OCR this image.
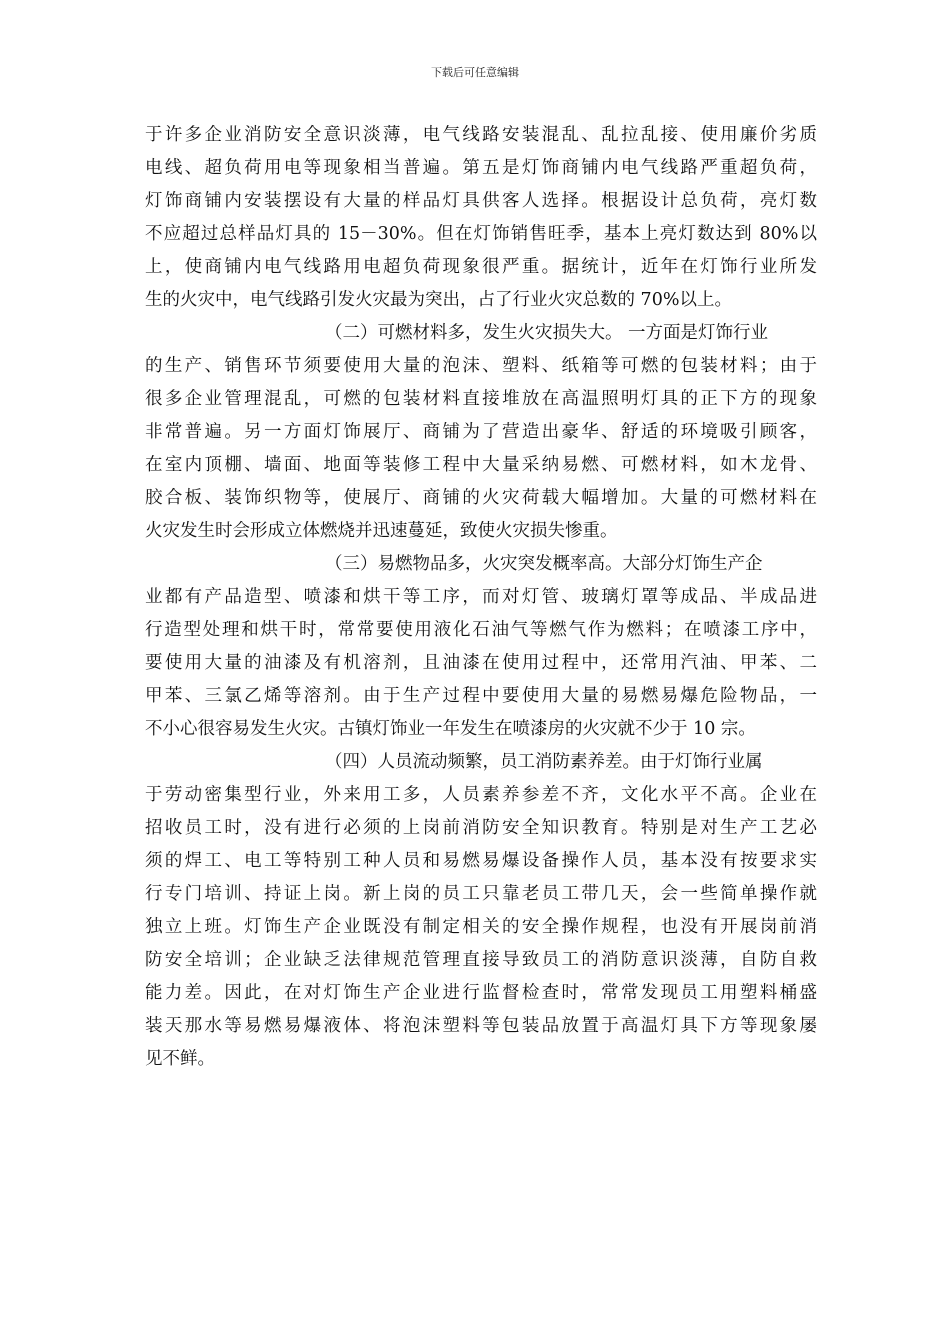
下载后可任意编辑
于许多企业消防安全意识淡薄，电气线路安装混乱、乱拉乱接、使用廉价劣质
电线、超负荷用电等现象相当普遍。第五是灯饰商铺内电气线路严重超负荷，
灯饰商铺内安装摆设有大量的样品灯具供客人选择。根据设计总负荷，亮灯数
不应超过总样品灯具的 15－30%。但在灯饰销售旺季，基本上亮灯数达到 80%以
上，使商铺内电气线路用电超负荷现象很严重。据统计，近年在灯饰行业所发
生的火灾中，电气线路引发火灾最为突出，占了行业火灾总数的 70%以上。
（二）可燃材料多，发生火灾损失大。 一方面是灯饰行业
的生产、销售环节须要使用大量的泡沫、塑料、纸箱等可燃的包装材料；由于
很多企业管理混乱，可燃的包装材料直接堆放在高温照明灯具的正下方的现象
非常普遍。另一方面灯饰展厅、商铺为了营造出豪华、舒适的环境吸引顾客，
在室内顶棚、墙面、地面等装修工程中大量采纳易燃、可燃材料，如木龙骨、
胶合板、装饰织物等，使展厅、商铺的火灾荷载大幅增加。大量的可燃材料在
火灾发生时会形成立体燃烧并迅速蔓延，致使火灾损失惨重。
（三）易燃物品多，火灾突发概率高。大部分灯饰生产企
业都有产品造型、喷漆和烘干等工序，而对灯管、玻璃灯罩等成品、半成品进
行造型处理和烘干时，常常要使用液化石油气等燃气作为燃料；在喷漆工序中，
要使用大量的油漆及有机溶剂，且油漆在使用过程中，还常用汽油、甲苯、二
甲苯、三氯乙烯等溶剂。由于生产过程中要使用大量的易燃易爆危险物品，一
不小心很容易发生火灾。古镇灯饰业一年发生在喷漆房的火灾就不少于 10 宗。
（四）人员流动频繁，员工消防素养差。由于灯饰行业属
于劳动密集型行业，外来用工多，人员素养参差不齐，文化水平不高。企业在
招收员工时，没有进行必须的上岗前消防安全知识教育。特别是对生产工艺必
须的焊工、电工等特别工种人员和易燃易爆设备操作人员，基本没有按要求实
行专门培训、持证上岗。新上岗的员工只靠老员工带几天，会一些简单操作就
独立上班。灯饰生产企业既没有制定相关的安全操作规程，也没有开展岗前消
防安全培训；企业缺乏法律规范管理直接导致员工的消防意识淡薄，自防自救
能力差。因此，在对灯饰生产企业进行监督检查时，常常发现员工用塑料桶盛
装天那水等易燃易爆液体、将泡沫塑料等包装品放置于高温灯具下方等现象屡
见不鲜。
